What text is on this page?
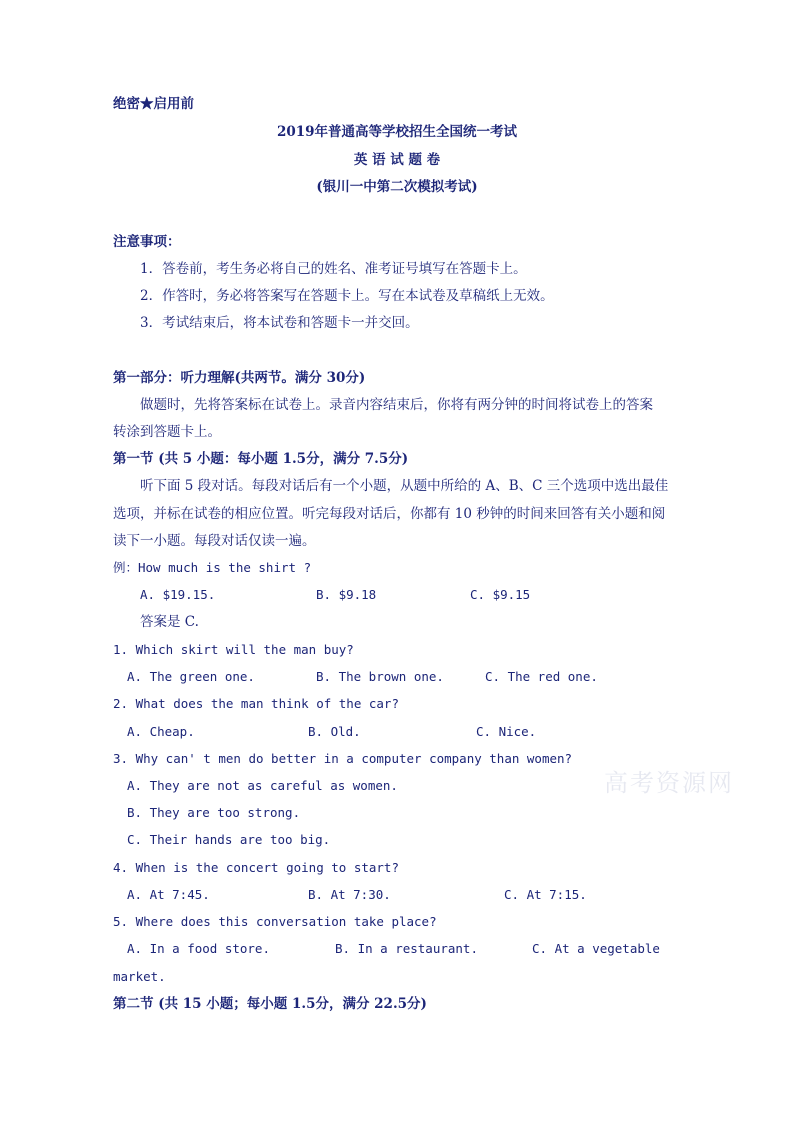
绝密★启用前
2019年普通高等学校招生全国统一考试
英 语 试 题 卷
(银川一中第二次模拟考试)
注意事项：
1．答卷前，考生务必将自己的姓名、准考证号填写在答题卡上。
2．作答时，务必将答案写在答题卡上。写在本试卷及草稿纸上无效。
3．考试结束后，将本试卷和答题卡一并交回。
第一部分：听力理解(共两节。满分 30分)
做题时，先将答案标在试卷上。录音内容结束后，你将有两分钟的时间将试卷上的答案
转涂到答题卡上。
第一节 (共 5 小题：每小题 1.5分，满分 7.5分)
听下面 5 段对话。每段对话后有一个小题，从题中所给的 A、B、C 三个选项中选出最佳
选项，并标在试卷的相应位置。听完每段对话后，你都有 10 秒钟的时间来回答有关小题和阅
读下一小题。每段对话仅读一遍。
例：How much is the shirt ?
A. $19.15.	B. $9.18	C. $9.15
答案是 C.
1. Which skirt will the man buy?
A. The green one.	B. The brown one.	C. The red one.
2. What does the man think of the car?
A. Cheap.	B. Old.	C. Nice.
3. Why can' t men do better in a computer company than women?
A. They are not as careful as women.
B. They are too strong.
C. Their hands are too big.
4. When is the concert going to start?
A. At 7:45.	B. At 7:30.	C. At 7:15.
5. Where does this conversation take place?
A. In a food store.	B. In a restaurant.	C. At a vegetable
market.
第二节 (共 15 小题；每小题 1.5分，满分 22.5分)
高考资源网
